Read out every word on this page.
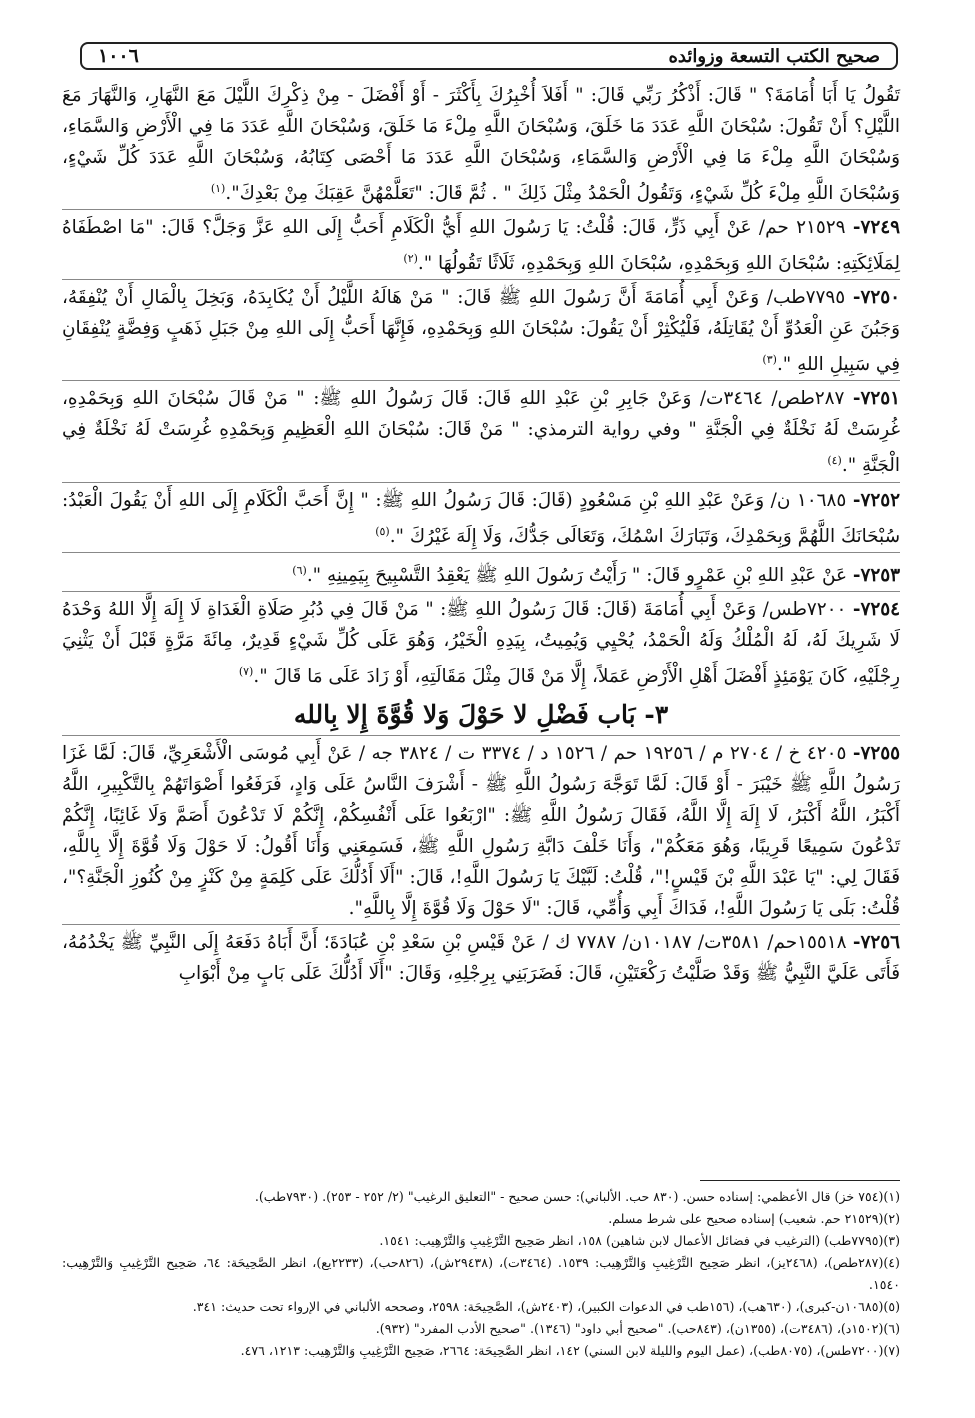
صحيح الكتب التسعة وزوائده
١٠٠٦

تَقُولُ يَا أَبَا أُمَامَةَ؟ " قَالَ: أَذْكُرُ رَبِّي قَالَ: " أَفَلاَ أُخْبِرُكَ بِأَكْثَرَ - أَوْ أَفْضَلَ - مِنْ ذِكْرِكَ اللَّيْلَ مَعَ النَّهَارِ، وَالنَّهَارَ مَعَ اللَّيْلِ؟ أَنْ تَقُولَ: سُبْحَانَ اللَّهِ عَدَدَ مَا خَلَقَ، وَسُبْحَانَ اللَّهِ مِلْءَ مَا خَلَقَ، وَسُبْحَانَ اللَّهِ عَدَدَ مَا فِي الْأَرْضِ وَالسَّمَاءِ، وَسُبْحَانَ اللَّهِ مِلْءَ مَا فِي الْأَرْضِ وَالسَّمَاءِ، وَسُبْحَانَ اللَّهِ عَدَدَ مَا أَحْصَى كِتَابُهُ، وَسُبْحَانَ اللَّهِ عَدَدَ كُلِّ شَيْءٍ، وَسُبْحَانَ اللَّهِ مِلْءَ كُلِّ شَيْءٍ، وَتَقُولُ الْحَمْدُ مِثْلَ ذَلِكَ " . ثُمَّ قَالَ: "تَعَلَّمْهُنَّ عَقِبَكَ مِنْ بَعْدِكَ".$^{(١)}$

٧٢٤٩- ٢١٥٢٩ حم/ عَنْ أَبِي ذَرٍّ، قَالَ: قُلْتُ: يَا رَسُولَ اللهِ أَيُّ الْكَلَامِ أَحَبُّ إِلَى اللهِ عَزَّ وَجَلَّ؟ قَالَ: "مَا اصْطَفَاهُ لِمَلَائِكَتِهِ: سُبْحَانَ اللهِ وَبِحَمْدِهِ، سُبْحَانَ اللهِ وَبِحَمْدِهِ، ثَلَاثًا تَقُولُهَا ".$^{(٢)}$

٧٢٥٠- ٧٧٩٥طب/ وَعَنْ أَبِي أُمَامَةَ أَنَّ رَسُولَ اللهِ ﷺ قَالَ: " مَنْ هَالَهُ اللَّيْلُ أَنْ يُكَابِدَهُ، وَبَخِلَ بِالْمَالِ أَنْ يُنْفِقَهُ، وَجَبُنَ عَنِ الْعَدُوِّ أَنْ يُقَاتِلَهُ، فَلْيُكْثِرْ أَنْ يَقُولَ: سُبْحَانَ اللهِ وَبِحَمْدِهِ، فَإِنَّهَا أَحَبُّ إِلَى اللهِ مِنْ جَبَلِ ذَهَبٍ وَفِضَّةٍ يُنْفِقَانِ فِي سَبِيلِ اللهِ ".$^{(٣)}$

٧٢٥١- ٢٨٧طص/ ٣٤٦٤ت/ وَعَنْ جَابِرِ بْنِ عَبْدِ اللهِ قَالَ: قَالَ رَسُولُ اللهِ ﷺ: " مَنْ قَالَ سُبْحَانَ اللهِ وَبِحَمْدِهِ، غُرِسَتْ لَهُ نَخْلَةٌ فِي الْجَنَّةِ " وفي رواية الترمذي: " مَنْ قَالَ: سُبْحَانَ اللهِ الْعَظِيمِ وَبِحَمْدِهِ غُرِسَتْ لَهُ نَخْلَةٌ فِي الْجَنَّةِ ".$^{(٤)}$

٧٢٥٢- ١٠٦٨٥ ن/ وَعَنْ عَبْدِ اللهِ بْنِ مَسْعُودٍ (قَالَ: قَالَ رَسُولُ اللهِ ﷺ: " إِنَّ أَحَبَّ الْكَلَامِ إِلَى اللهِ أَنْ يَقُولَ الْعَبْدُ: سُبْحَانَكَ اللَّهُمَّ وَبِحَمْدِكَ، وَتَبَارَكَ اسْمُكَ، وَتَعَالَى جَدُّكَ، وَلَا إِلَهَ غَيْرُكَ ".$^{(٥)}$

٧٢٥٣- عَنْ عَبْدِ اللهِ بْنِ عَمْرٍو قَالَ: " رَأَيْتُ رَسُولَ اللهِ ﷺ يَعْقِدُ التَّسْبِيحَ بِيَمِينِهِ ".$^{(٦)}$

٧٢٥٤- ٧٢٠٠طس/ وَعَنْ أَبِي أُمَامَةَ (قَالَ: قَالَ رَسُولُ اللهِ ﷺ: " مَنْ قَالَ فِي دُبُرِ صَلَاةِ الْغَدَاةِ لَا إِلَهَ إِلَّا اللهُ وَحْدَهُ لَا شَرِيكَ لَهُ، لَهُ الْمُلْكُ وَلَهُ الْحَمْدُ، يُحْيِي وَيُمِيتُ، بِيَدِهِ الْخَيْرُ، وَهُوَ عَلَى كُلِّ شَيْءٍ قَدِيرٌ، مِائَةَ مَرَّةٍ قَبْلَ أَنْ يَثْنِيَ رِجْلَيْهِ، كَانَ يَوْمَئِذٍ أَفْضَلَ أَهْلِ الْأَرْضِ عَمَلاً، إِلَّا مَنْ قَالَ مِثْلَ مَقَالَتِهِ، أَوْ زَادَ عَلَى مَا قَالَ ".$^{(٧)}$

٣- بَاب فَضْلِ لا حَوْلَ وَلا قُوَّةَ إِلا بِالله

٧٢٥٥- ٤٢٠٥ خ / ٢٧٠٤ م / ١٩٢٥٦ حم / ١٥٢٦ د / ٣٣٧٤ ت / ٣٨٢٤ جه / عَنْ أَبِي مُوسَى الْأَشْعَرِيِّ، قَالَ: لَمَّا غَزَا رَسُولُ اللَّهِ ﷺ خَيْبَرَ - أَوْ قَالَ: لَمَّا تَوَجَّهَ رَسُولُ اللَّهِ ﷺ - أَشْرَفَ النَّاسُ عَلَى وَادٍ، فَرَفَعُوا أَصْوَاتَهُمْ بِالتَّكْبِيرِ، اللَّهُ أَكْبَرُ، اللَّهُ أَكْبَرُ، لَا إِلَهَ إِلَّا اللَّهُ، فَقَالَ رَسُولُ اللَّهِ ﷺ: "ارْبَعُوا عَلَى أَنْفُسِكُمْ، إِنَّكُمْ لَا تَدْعُونَ أَصَمَّ وَلَا غَائِبًا، إِنَّكُمْ تَدْعُونَ سَمِيعًا قَرِيبًا، وَهُوَ مَعَكُمْ"، وَأَنَا خَلْفَ دَابَّةِ رَسُولِ اللَّهِ ﷺ، فَسَمِعَنِي وَأَنَا أَقُولُ: لَا حَوْلَ وَلَا قُوَّةَ إِلَّا بِاللَّهِ، فَقَالَ لِي: "يَا عَبْدَ اللَّهِ بْنَ قَيْسٍ!"، قُلْتُ: لَبَّيْكَ يَا رَسُولَ اللَّهِ!، قَالَ: "أَلَا أَدُلُّكَ عَلَى كَلِمَةٍ مِنْ كَنْزٍ مِنْ كُنُوزِ الْجَنَّةِ؟"، قُلْتُ: بَلَى يَا رَسُولَ اللَّهِ!، فَدَاكَ أَبِي وَأُمِّي، قَالَ: "لَا حَوْلَ وَلَا قُوَّةَ إِلَّا بِاللَّهِ".

٧٢٥٦- ١٥٥١٨حم/ ٣٥٨١ت/ ١٠١٨٧ن/ ٧٧٨٧ ك / عَنْ قَيْسِ بْنِ سَعْدِ بْنِ عُبَادَةَ؛ أَنَّ أَبَاهُ دَفَعَهُ إِلَى النَّبِيِّ ﷺ يَخْدُمُهُ، فَأَتَى عَلَيَّ النَّبِيُّ ﷺ وَقَدْ صَلَّيْتُ رَكْعَتَيْنِ، قَالَ: فَضَرَبَنِي بِرِجْلِهِ، وَقَالَ: "أَلَا أَدُلُّكَ عَلَى بَابٍ مِنْ أَبْوَابِ

(١)(٧٥٤ خز) قال الأعظمي: إسناده حسن. (٨٣٠ حب. الألباني): حسن صحيح - "التعليق الرغيب" (٢/ ٢٥٢ - ٢٥٣). (٧٩٣٠طب).

(٢)(٢١٥٢٩ حم. شعيب) إسناده صحيح على شرط مسلم.

(٣)(٧٧٩٥طب) (الترغيب في فضائل الأعمال لابن شاهين) ١٥٨، انظر صَحِيح التَّرْغِيبِ وَالتَّرْهِيب: ١٥٤١.

(٤)(٢٨٧طص)، (٢٤٦٨يز)، انظر صَحِيح التَّرْغِيبِ وَالتَّرْهِيب: ١٥٣٩. (٣٤٦٤ت)، (٢٩٤٣٨ش)، (٨٢٦حب)، (٢٢٣٣يع)، انظر الصَّحِيحَة: ٦٤، صَحِيح التَّرْغِيبِ وَالتَّرْهِيب: ١٥٤٠.

(٥)(١٠٦٨٥ن-كبرى)، (٦٣٠هب)، (١٥٦طب في الدعوات الكبير)، (٢٤٠٣ش)، الصَّحِيحَة: ٢٥٩٨، وصححه الألباني في الإرواء تحت حديث: ٣٤١.

(٦)(١٥٠٢د)، (٣٤٨٦ت)، (١٣٥٥ن)، (٨٤٣حب). "صحيح أبي داود" (١٣٤٦). "صحيح الأدب المفرد" (٩٣٢).

(٧)(٧٢٠٠طس)، (٨٠٧٥طب)، (عمل اليوم والليلة لابن السني) ١٤٢، انظر الصَّحِيحَة: ٢٦٦٤، صَحِيح التَّرْغِيبِ وَالتَّرْهِيب: ١٢١٣، ٤٧٦.
